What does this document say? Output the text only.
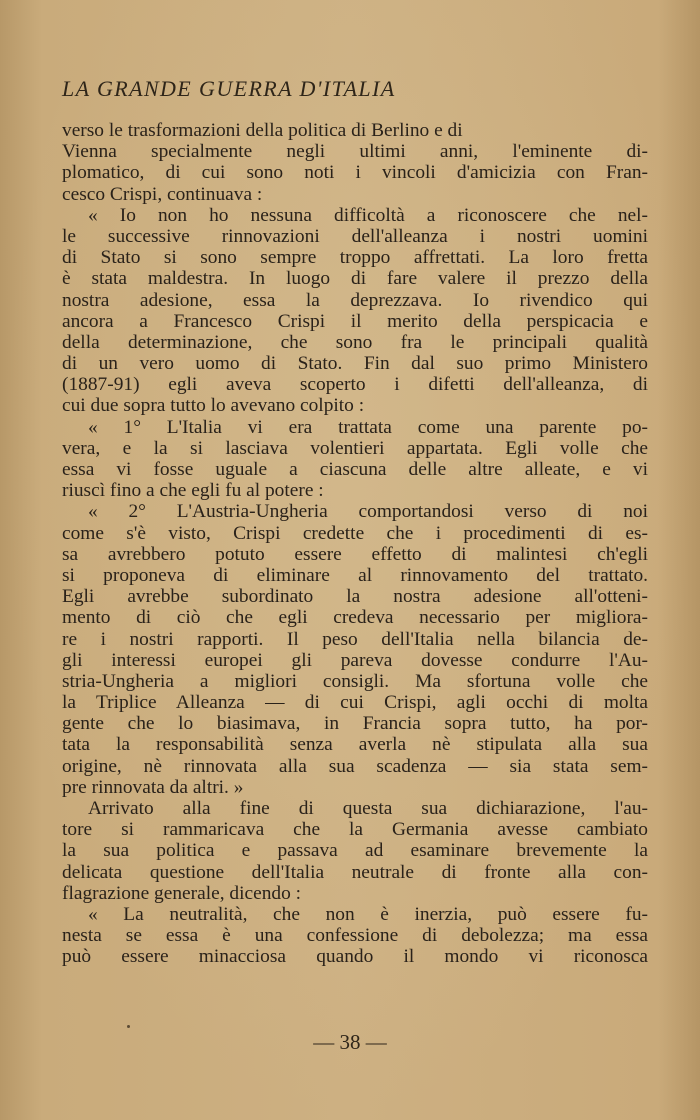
LA GRANDE GUERRA D'ITALIA
verso le trasformazioni della politica di Berlino e di
Vienna specialmente negli ultimi anni, l'eminente di-
plomatico, di cui sono noti i vincoli d'amicizia con Fran-
cesco Crispi, continuava :
« Io non ho nessuna difficoltà a riconoscere che nel-
le successive rinnovazioni dell'alleanza i nostri uomini
di Stato si sono sempre troppo affrettati. La loro fretta
è stata maldestra. In luogo di fare valere il prezzo della
nostra adesione, essa la deprezzava. Io rivendico qui
ancora a Francesco Crispi il merito della perspicacia e
della determinazione, che sono fra le principali qualità
di un vero uomo di Stato. Fin dal suo primo Ministero
(1887-91) egli aveva scoperto i difetti dell'alleanza, di
cui due sopra tutto lo avevano colpito :
« 1° L'Italia vi era trattata come una parente po-
vera, e la si lasciava volentieri appartata. Egli volle che
essa vi fosse uguale a ciascuna delle altre alleate, e vi
riuscì fino a che egli fu al potere :
« 2° L'Austria-Ungheria comportandosi verso di noi
come s'è visto, Crispi credette che i procedimenti di es-
sa avrebbero potuto essere effetto di malintesi ch'egli
si proponeva di eliminare al rinnovamento del trattato.
Egli avrebbe subordinato la nostra adesione all'otteni-
mento di ciò che egli credeva necessario per migliora-
re i nostri rapporti. Il peso dell'Italia nella bilancia de-
gli interessi europei gli pareva dovesse condurre l'Au-
stria-Ungheria a migliori consigli. Ma sfortuna volle che
la Triplice Alleanza — di cui Crispi, agli occhi di molta
gente che lo biasimava, in Francia sopra tutto, ha por-
tata la responsabilità senza averla nè stipulata alla sua
origine, nè rinnovata alla sua scadenza — sia stata sem-
pre rinnovata da altri. »
Arrivato alla fine di questa sua dichiarazione, l'au-
tore si rammaricava che la Germania avesse cambiato
la sua politica e passava ad esaminare brevemente la
delicata questione dell'Italia neutrale di fronte alla con-
flagrazione generale, dicendo :
« La neutralità, che non è inerzia, può essere fu-
nesta se essa è una confessione di debolezza; ma essa
può essere minacciosa quando il mondo vi riconosca

— 38 —
